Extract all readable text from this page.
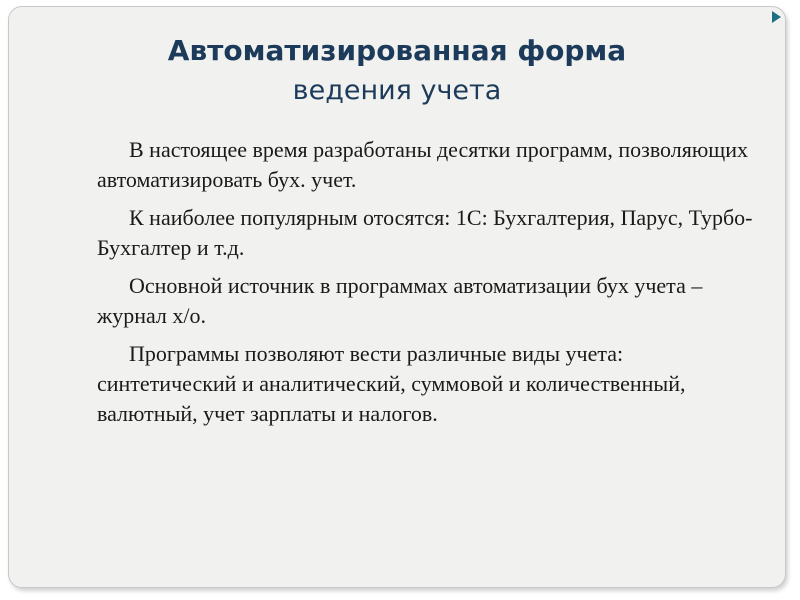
Автоматизированная форма
ведения учета

В настоящее время разработаны десятки программ, позволяющих автоматизировать бух. учет.

К наиболее популярным отосятся: 1С: Бухгалтерия, Парус, Турбо-Бухгалтер и т.д.

Основной источник в программах автоматизации бух учета – журнал х/о.

Программы позволяют вести различные виды учета: синтетический и аналитический, суммовой и количественный, валютный, учет зарплаты и налогов.
